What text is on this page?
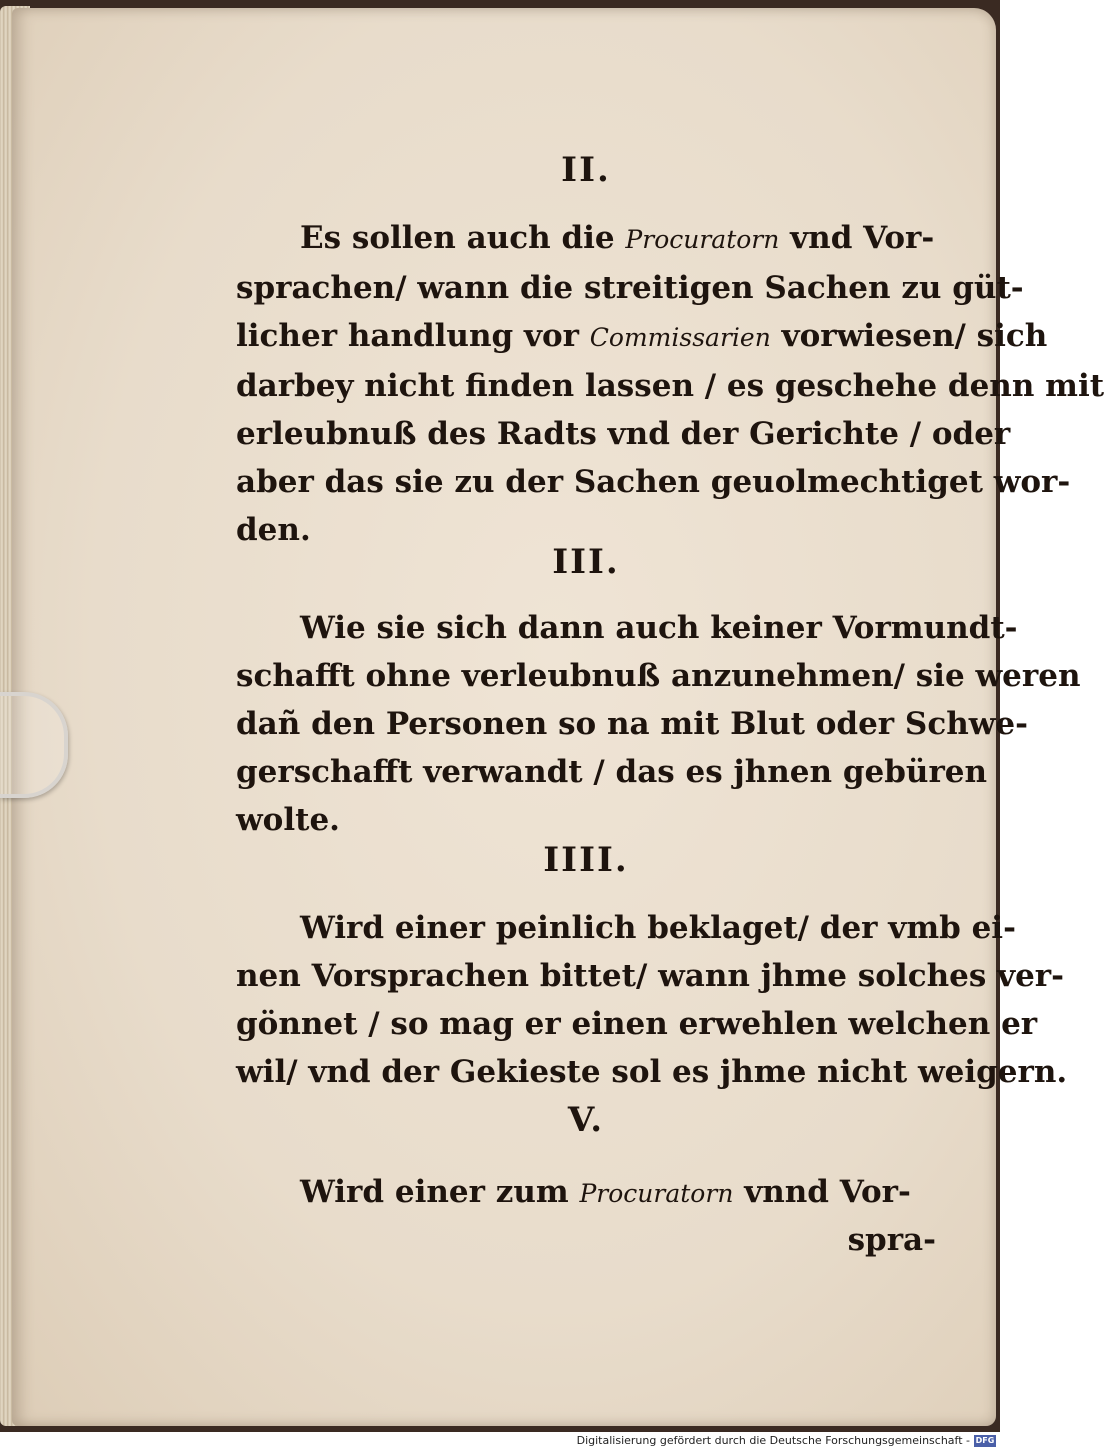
II.
Es sollen auch die Procuratorn vnd Vor-
sprachen/ wann die streitigen Sachen zu güt-
licher handlung vor Commissarien vorwiesen/ sich
darbey nicht finden lassen / es geschehe denn mit
erleubnuß des Radts vnd der Gerichte / oder
aber das sie zu der Sachen geuolmechtiget wor-
den.
III.
Wie sie sich dann auch keiner Vormundt-
schafft ohne verleubnuß anzunehmen/ sie weren
dañ den Personen so na mit Blut oder Schwe-
gerschafft verwandt / das es jhnen gebüren
wolte.
IIII.
Wird einer peinlich beklaget/ der vmb ei-
nen Vorsprachen bittet/ wann jhme solches ver-
gönnet / so mag er einen erwehlen welchen er
wil/ vnd der Gekieste sol es jhme nicht weigern.
V.
Wird einer zum Procuratorn vnnd Vor-
spra-
Digitalisierung gefördert durch die Deutsche Forschungsgemeinschaft - DFG
